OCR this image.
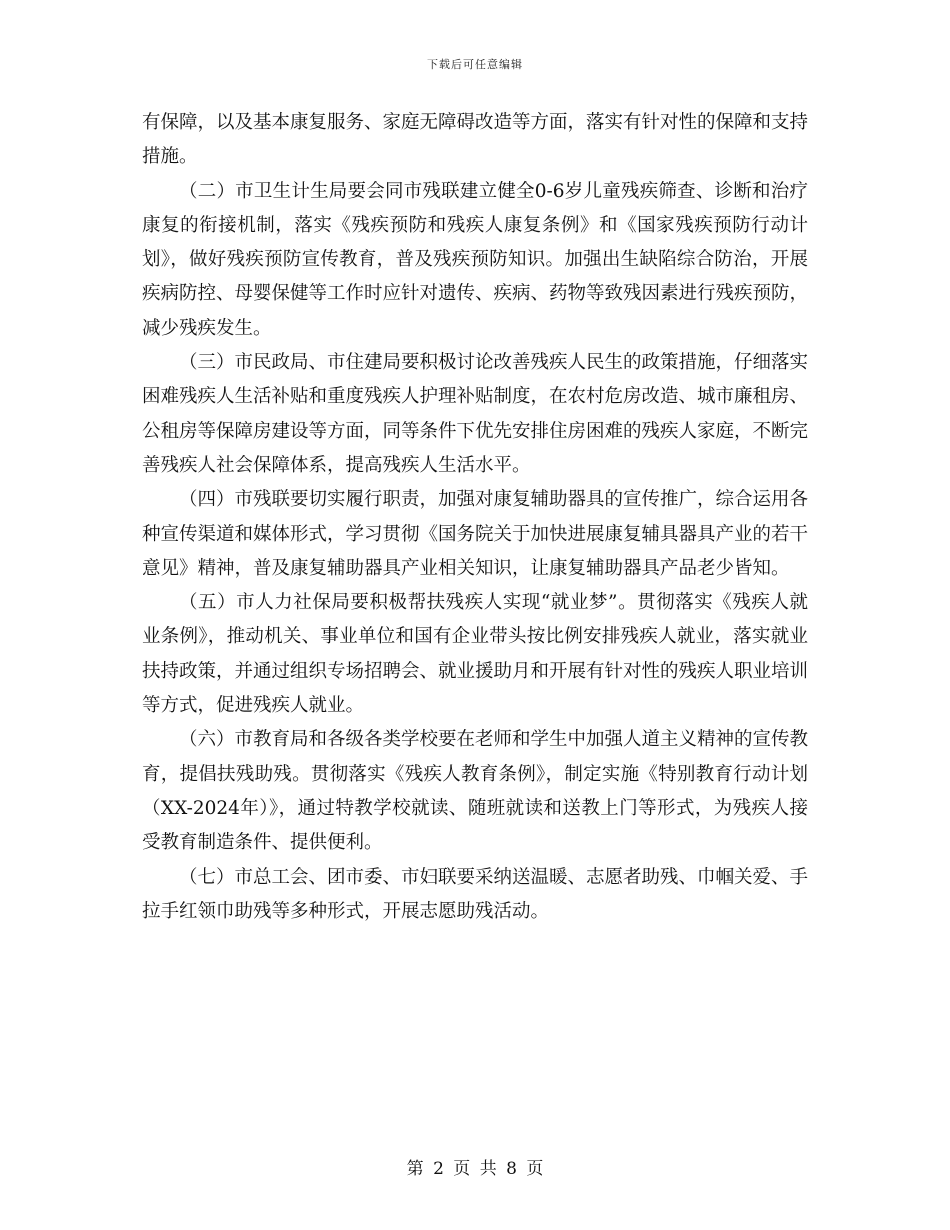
下载后可任意编辑

有保障，以及基本康复服务、家庭无障碍改造等方面，落实有针对性的保障和支持措施。

（二）市卫生计生局要会同市残联建立健全0-6岁儿童残疾筛查、诊断和治疗康复的衔接机制，落实《残疾预防和残疾人康复条例》和《国家残疾预防行动计划》，做好残疾预防宣传教育，普及残疾预防知识。加强出生缺陷综合防治，开展疾病防控、母婴保健等工作时应针对遗传、疾病、药物等致残因素进行残疾预防，减少残疾发生。

（三）市民政局、市住建局要积极讨论改善残疾人民生的政策措施，仔细落实困难残疾人生活补贴和重度残疾人护理补贴制度，在农村危房改造、城市廉租房、公租房等保障房建设等方面，同等条件下优先安排住房困难的残疾人家庭，不断完善残疾人社会保障体系，提高残疾人生活水平。

（四）市残联要切实履行职责，加强对康复辅助器具的宣传推广，综合运用各种宣传渠道和媒体形式，学习贯彻《国务院关于加快进展康复辅具器具产业的若干意见》精神，普及康复辅助器具产业相关知识，让康复辅助器具产品老少皆知。

（五）市人力社保局要积极帮扶残疾人实现“就业梦”。贯彻落实《残疾人就业条例》，推动机关、事业单位和国有企业带头按比例安排残疾人就业，落实就业扶持政策，并通过组织专场招聘会、就业援助月和开展有针对性的残疾人职业培训等方式，促进残疾人就业。

（六）市教育局和各级各类学校要在老师和学生中加强人道主义精神的宣传教育，提倡扶残助残。贯彻落实《残疾人教育条例》，制定实施《特别教育行动计划（XX-2024年）》，通过特教学校就读、随班就读和送教上门等形式，为残疾人接受教育制造条件、提供便利。

（七）市总工会、团市委、市妇联要采纳送温暖、志愿者助残、巾帼关爱、手拉手红领巾助残等多种形式，开展志愿助残活动。

第 2 页 共 8 页
